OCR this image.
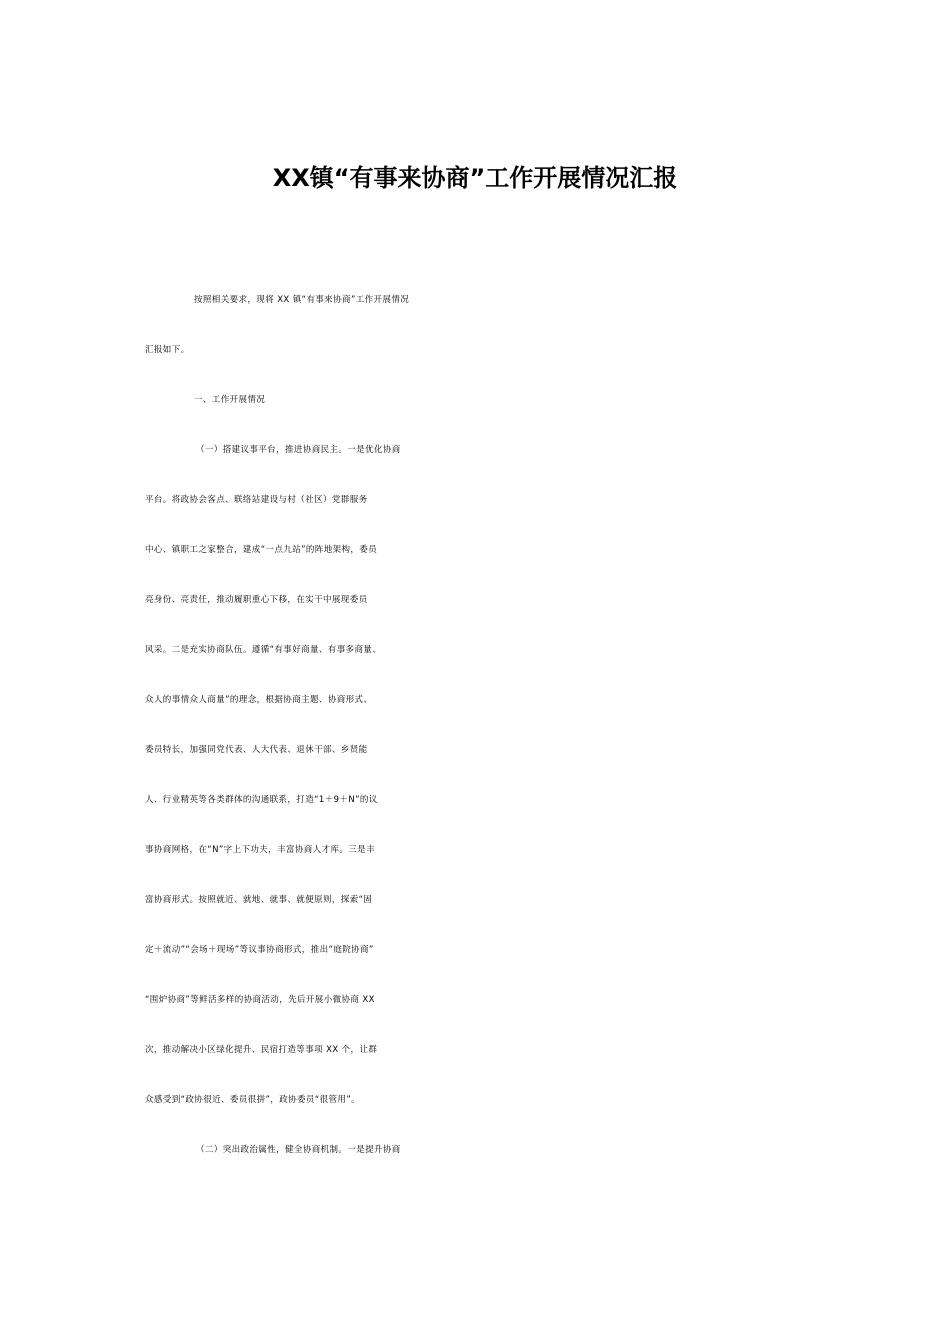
XX镇“有事来协商”工作开展情况汇报
按照相关要求，现将 XX 镇“有事来协商”工作开展情况
汇报如下。
一、工作开展情况
（一）搭建议事平台，推进协商民主。一是优化协商
平台。将政协会客点、联络站建设与村（社区）党群服务
中心、镇职工之家整合，建成“一点九站”的阵地架构，委员
亮身份、亮责任，推动履职重心下移，在实干中展现委员
风采。二是充实协商队伍。遵循“有事好商量、有事多商量、
众人的事情众人商量”的理念，根据协商主题、协商形式、
委员特长，加强同党代表、人大代表、退休干部、乡贤能
人、行业精英等各类群体的沟通联系，打造“1＋9＋N”的议
事协商网格，在“N”字上下功夫，丰富协商人才库。三是丰
富协商形式。按照就近、就地、就事、就便原则，探索“固
定＋流动”“会场＋现场”等议事协商形式，推出“庭院协商”
“围炉协商”等鲜活多样的协商活动，先后开展小微协商 XX
次，推动解决小区绿化提升、民宿打造等事项 XX 个，让群
众感受到“政协很近、委员很拼”，政协委员“很管用”。
（二）突出政治属性，健全协商机制。一是提升协商
